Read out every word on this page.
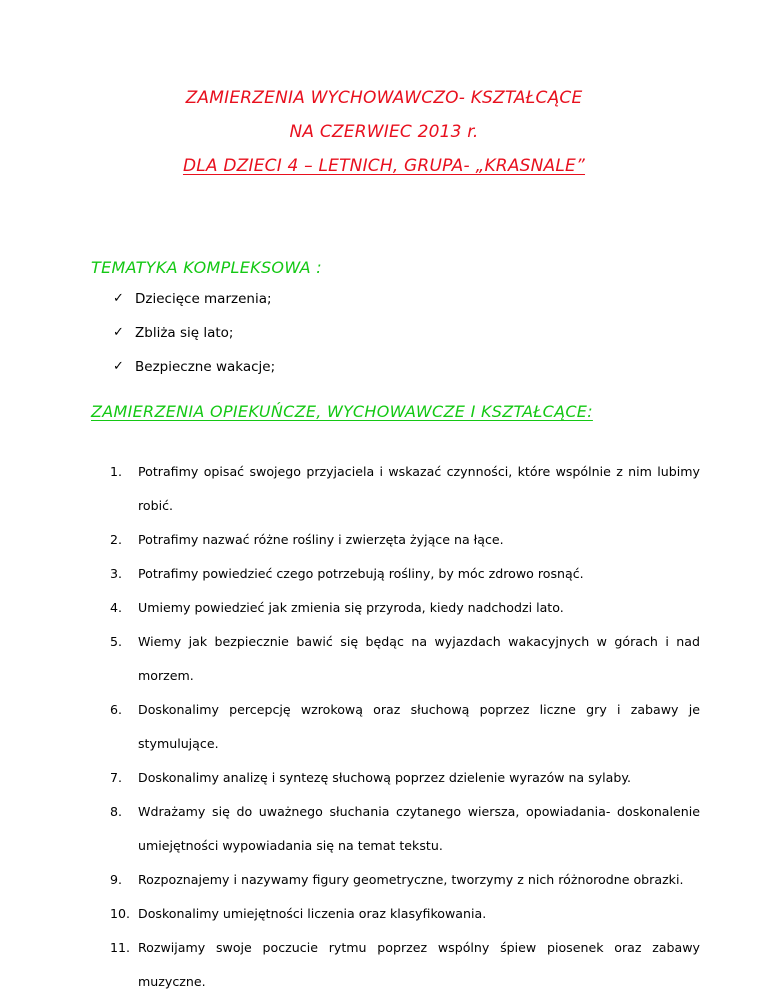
ZAMIERZENIA WYCHOWAWCZO- KSZTAŁCĄCE
NA CZERWIEC 2013 r.
DLA DZIECI 4 – LETNICH, GRUPA- „KRASNALE”
TEMATYKA KOMPLEKSOWA :
✓ Dziecięce marzenia;
✓ Zbliża się lato;
✓ Bezpieczne wakacje;
ZAMIERZENIA OPIEKUŃCZE, WYCHOWAWCZE I KSZTAŁCĄCE:
1. Potrafimy opisać swojego przyjaciela i wskazać czynności, które wspólnie z nim lubimy robić.
2. Potrafimy nazwać różne rośliny i zwierzęta żyjące na łące.
3. Potrafimy powiedzieć czego potrzebują rośliny, by móc zdrowo rosnąć.
4. Umiemy powiedzieć jak zmienia się przyroda, kiedy nadchodzi lato.
5. Wiemy jak bezpiecznie bawić się będąc na wyjazdach wakacyjnych w górach i nad morzem.
6. Doskonalimy percepcję wzrokową oraz słuchową poprzez liczne gry i zabawy je stymulujące.
7. Doskonalimy analizę i syntezę słuchową poprzez dzielenie wyrazów na sylaby.
8. Wdrażamy się do uważnego słuchania czytanego wiersza, opowiadania- doskonalenie umiejętności wypowiadania się na temat tekstu.
9. Rozpoznajemy i nazywamy figury geometryczne, tworzymy z nich różnorodne obrazki.
10. Doskonalimy umiejętności liczenia oraz klasyfikowania.
11. Rozwijamy swoje poczucie rytmu poprzez wspólny śpiew piosenek oraz zabawy muzyczne.
